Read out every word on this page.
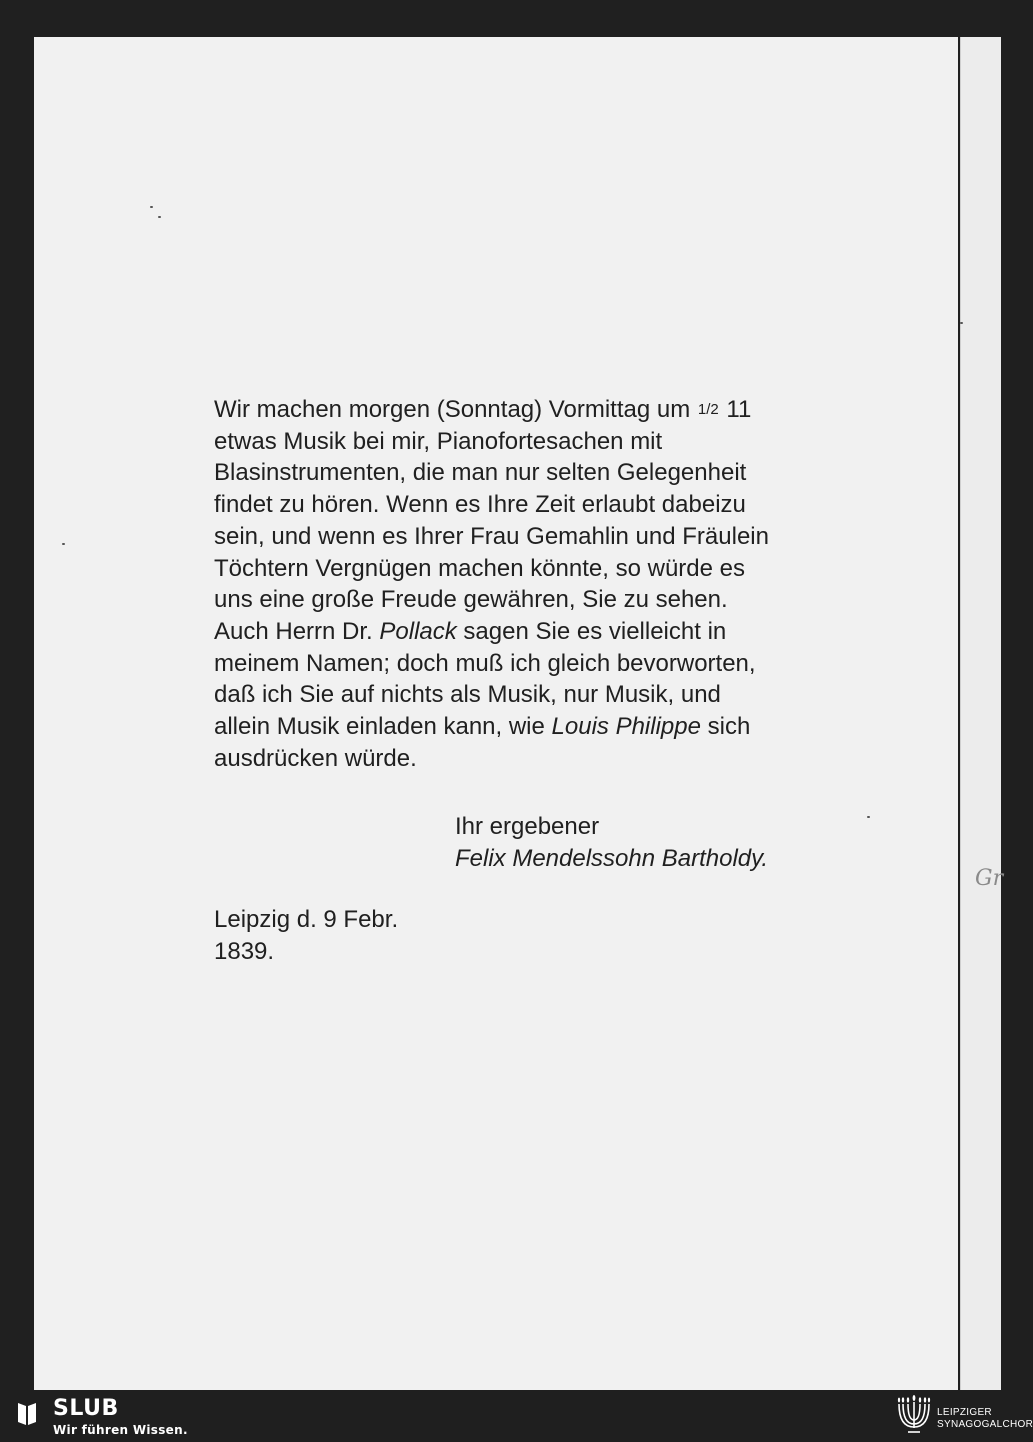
Gr
Wir machen morgen (Sonntag) Vormittag um 1/2 11
etwas Musik bei mir, Pianofortesachen mit
Blasinstrumenten, die man nur selten Gelegenheit
findet zu hören. Wenn es Ihre Zeit erlaubt dabeizu
sein, und wenn es Ihrer Frau Gemahlin und Fräulein
Töchtern Vergnügen machen könnte, so würde es
uns eine große Freude gewähren, Sie zu sehen.
Auch Herrn Dr. Pollack sagen Sie es vielleicht in
meinem Namen; doch muß ich gleich bevorworten,
daß ich Sie auf nichts als Musik, nur Musik, und
allein Musik einladen kann, wie Louis Philippe sich
ausdrücken würde.
Ihr ergebener
Felix Mendelssohn Bartholdy.
Leipzig d. 9 Febr.
1839.
SLUB
Wir führen Wissen.
LEIPZIGER
SYNAGOGALCHOR
